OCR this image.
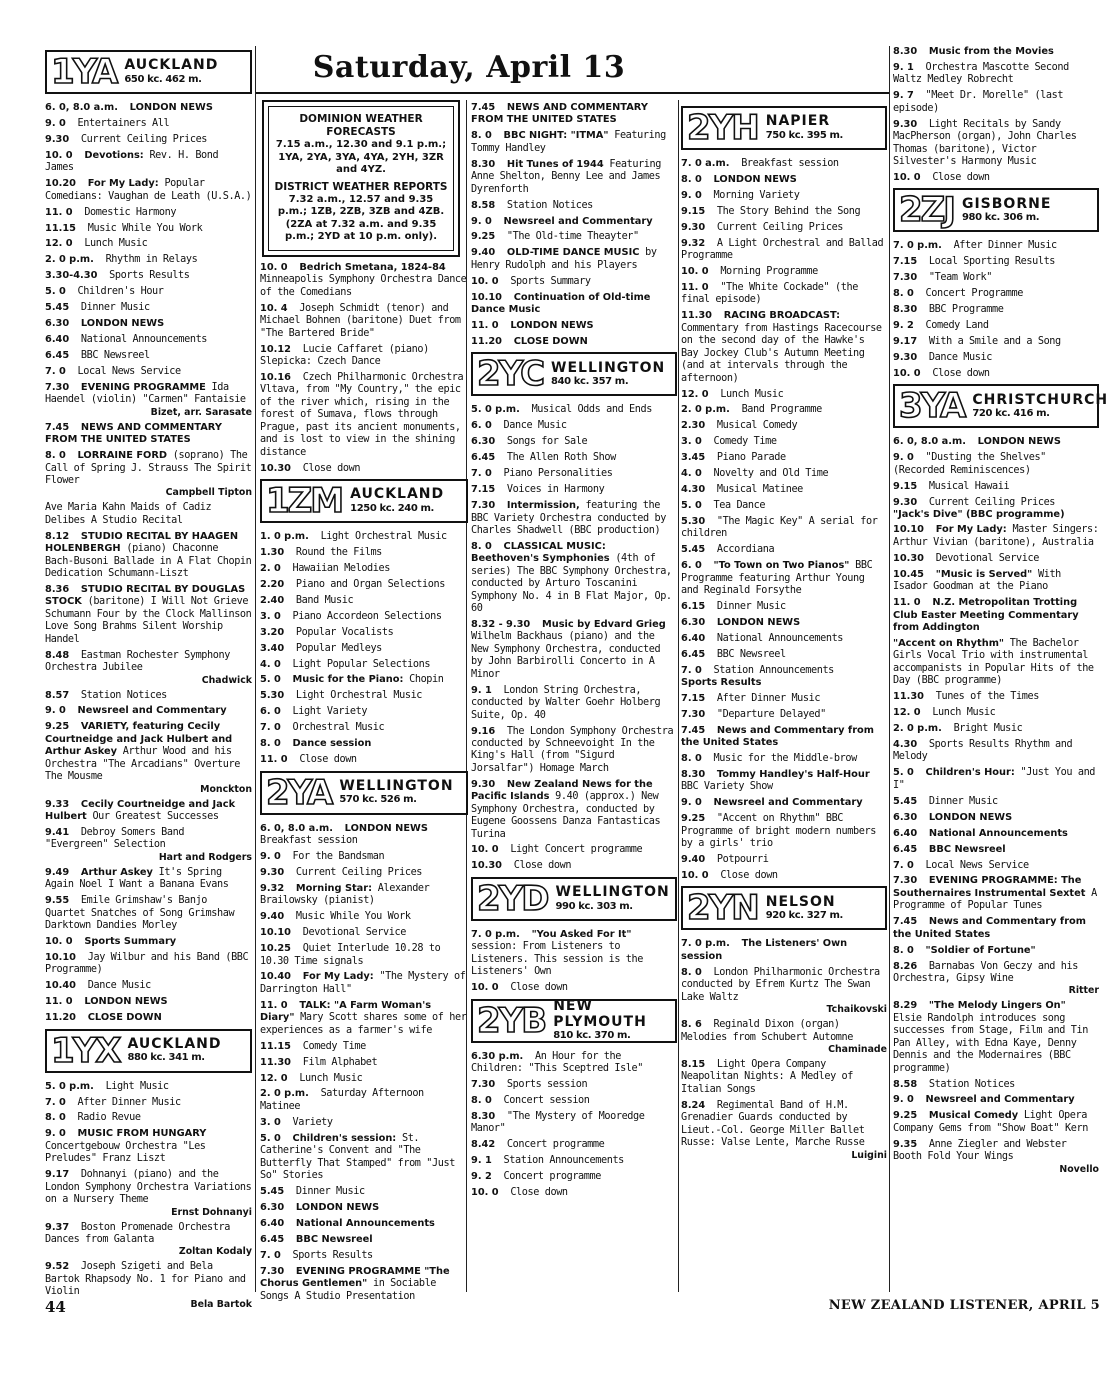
Saturday, April 13
DOMINION WEATHER FORECASTS
7.15 a.m., 12.30 and 9.1 p.m.; 1YA, 2YA, 3YA, 4YA, 2YH, 3ZR and 4YZ.
DISTRICT WEATHER REPORTS
7.32 a.m., 12.57 and 9.35 p.m.; 1ZB, 2ZB, 3ZB and 4ZB. (2ZA at 7.32 a.m. and 9.35 p.m.; 2YD at 10 p.m. only).
1YA AUCKLAND
650 kc. 462 m.
6. 0, 8.0 a.m. LONDON NEWS
9. 0 Entertainers All
9.30 Current Ceiling Prices
10. 0 Devotions: Rev. H. Bond James
10.20 For My Lady: Popular Comedians: Vaughan de Leath (U.S.A.)
11. 0 Domestic Harmony
11.15 Music While You Work
12. 0 Lunch Music
2. 0 p.m. Rhythm in Relays
3.30-4.30 Sports Results
5. 0 Children's Hour
5.45 Dinner Music
6.30 LONDON NEWS
6.40 National Announcements
6.45 BBC Newsreel
7. 0 Local News Service
7.30 EVENING PROGRAMME Ida Haendel (violin) "Carmen" Fantaisie
Bizet, arr. Sarasate
7.45 NEWS AND COMMENTARY FROM THE UNITED STATES
8. 0 LORRAINE FORD (soprano) The Call of Spring J. Strauss The Spirit Flower
Campbell Tipton
Ave Maria Kahn Maids of Cadiz Delibes A Studio Recital
8.12 STUDIO RECITAL BY HAAGEN HOLENBERGH (piano) Chaconne Bach-Busoni Ballade in A Flat Chopin Dedication Schumann-Liszt
8.36 STUDIO RECITAL BY DOUGLAS STOCK (baritone) I Will Not Grieve Schumann Four by the Clock Mallinson Love Song Brahms Silent Worship Handel
8.48 Eastman Rochester Symphony Orchestra Jubilee
Chadwick
8.57 Station Notices
9. 0 Newsreel and Commentary
9.25 VARIETY, featuring Cecily Courtneidge and Jack Hulbert and Arthur Askey Arthur Wood and his Orchestra "The Arcadians" Overture The Mousme
Monckton
9.33 Cecily Courtneidge and Jack Hulbert Our Greatest Successes
9.41 Debroy Somers Band "Evergreen" Selection
Hart and Rodgers
9.49 Arthur Askey It's Spring Again Noel I Want a Banana Evans
9.55 Emile Grimshaw's Banjo Quartet Snatches of Song Grimshaw Darktown Dandies Morley
10. 0 Sports Summary
10.10 Jay Wilbur and his Band (BBC Programme)
10.40 Dance Music
11. 0 LONDON NEWS
11.20 CLOSE DOWN
1YX AUCKLAND
880 kc. 341 m.
5. 0 p.m. Light Music
7. 0 After Dinner Music
8. 0 Radio Revue
9. 0 MUSIC FROM HUNGARY Concertgebouw Orchestra "Les Preludes" Franz Liszt
9.17 Dohnanyi (piano) and the London Symphony Orchestra Variations on a Nursery Theme
Ernst Dohnanyi
9.37 Boston Promenade Orchestra Dances from Galanta
Zoltan Kodaly
9.52 Joseph Szigeti and Bela Bartok Rhapsody No. 1 for Piano and Violin
Bela Bartok
10. 0 Bedrich Smetana, 1824-84 Minneapolis Symphony Orchestra Dance of the Comedians
10. 4 Joseph Schmidt (tenor) and Michael Bohnen (baritone) Duet from "The Bartered Bride"
10.12 Lucie Caffaret (piano) Slepicka: Czech Dance
10.16 Czech Philharmonic Orchestra Vltava, from "My Country," the epic of the river which, rising in the forest of Sumava, flows through Prague, past its ancient monuments, and is lost to view in the shining distance
10.30 Close down
1ZM AUCKLAND
1250 kc. 240 m.
1. 0 p.m. Light Orchestral Music
1.30 Round the Films
2. 0 Hawaiian Melodies
2.20 Piano and Organ Selections
2.40 Band Music
3. 0 Piano Accordeon Selections
3.20 Popular Vocalists
3.40 Popular Medleys
4. 0 Light Popular Selections
5. 0 Music for the Piano: Chopin
5.30 Light Orchestral Music
6. 0 Light Variety
7. 0 Orchestral Music
8. 0 Dance session
11. 0 Close down
2YA WELLINGTON
570 kc. 526 m.
6. 0, 8.0 a.m. LONDON NEWS Breakfast session
9. 0 For the Bandsman
9.30 Current Ceiling Prices
9.32 Morning Star: Alexander Brailowsky (pianist)
9.40 Music While You Work
10.10 Devotional Service
10.25 Quiet Interlude 10.28 to 10.30 Time signals
10.40 For My Lady: "The Mystery of Darrington Hall"
11. 0 TALK: "A Farm Woman's Diary" Mary Scott shares some of her experiences as a farmer's wife
11.15 Comedy Time
11.30 Film Alphabet
12. 0 Lunch Music
2. 0 p.m. Saturday Afternoon Matinee
3. 0 Variety
5. 0 Children's session: St. Catherine's Convent and "The Butterfly That Stamped" from "Just So" Stories
5.45 Dinner Music
6.30 LONDON NEWS
6.40 National Announcements
6.45 BBC Newsreel
7. 0 Sports Results
7.30 EVENING PROGRAMME "The Chorus Gentlemen" in Sociable Songs A Studio Presentation
7.45 NEWS AND COMMENTARY FROM THE UNITED STATES
8. 0 BBC NIGHT: "ITMA" Featuring Tommy Handley
8.30 Hit Tunes of 1944 Featuring Anne Shelton, Benny Lee and James Dyrenforth
8.58 Station Notices
9. 0 Newsreel and Commentary
9.25 "The Old-time Theayter"
9.40 OLD-TIME DANCE MUSIC by Henry Rudolph and his Players
10. 0 Sports Summary
10.10 Continuation of Old-time Dance Music
11. 0 LONDON NEWS
11.20 CLOSE DOWN
2YC WELLINGTON
840 kc. 357 m.
5. 0 p.m. Musical Odds and Ends
6. 0 Dance Music
6.30 Songs for Sale
6.45 The Allen Roth Show
7. 0 Piano Personalities
7.15 Voices in Harmony
7.30 Intermission, featuring the BBC Variety Orchestra conducted by Charles Shadwell (BBC production)
8. 0 CLASSICAL MUSIC: Beethoven's Symphonies (4th of series) The BBC Symphony Orchestra, conducted by Arturo Toscanini Symphony No. 4 in B Flat Major, Op. 60
8.32 - 9.30 Music by Edvard Grieg Wilhelm Backhaus (piano) and the New Symphony Orchestra, conducted by John Barbirolli Concerto in A Minor
9. 1 London String Orchestra, conducted by Walter Goehr Holberg Suite, Op. 40
9.16 The London Symphony Orchestra conducted by Schneevoight In the King's Hall (from "Sigurd Jorsalfar") Homage March
9.30 New Zealand News for the Pacific Islands 9.40 (approx.) New Symphony Orchestra, conducted by Eugene Goossens Danza Fantasticas Turina
10. 0 Light Concert programme
10.30 Close down
2YD WELLINGTON
990 kc. 303 m.
7. 0 p.m. "You Asked For It" session: From Listeners to Listeners. This session is the Listeners' Own
10. 0 Close down
2YB NEW PLYMOUTH
810 kc. 370 m.
6.30 p.m. An Hour for the Children: "This Sceptred Isle"
7.30 Sports session
8. 0 Concert session
8.30 "The Mystery of Mooredge Manor"
8.42 Concert programme
9. 1 Station Announcements
9. 2 Concert programme
10. 0 Close down
2YH NAPIER
750 kc. 395 m.
7. 0 a.m. Breakfast session
8. 0 LONDON NEWS
9. 0 Morning Variety
9.15 The Story Behind the Song
9.30 Current Ceiling Prices
9.32 A Light Orchestral and Ballad Programme
10. 0 Morning Programme
11. 0 "The White Cockade" (the final episode)
11.30 RACING BROADCAST: Commentary from Hastings Racecourse on the second day of the Hawke's Bay Jockey Club's Autumn Meeting (and at intervals through the afternoon)
12. 0 Lunch Music
2. 0 p.m. Band Programme
2.30 Musical Comedy
3. 0 Comedy Time
3.45 Piano Parade
4. 0 Novelty and Old Time
4.30 Musical Matinee
5. 0 Tea Dance
5.30 "The Magic Key" A serial for children
5.45 Accordiana
6. 0 "To Town on Two Pianos" BBC Programme featuring Arthur Young and Reginald Forsythe
6.15 Dinner Music
6.30 LONDON NEWS
6.40 National Announcements
6.45 BBC Newsreel
7. 0 Station Announcements
Sports Results
7.15 After Dinner Music
7.30 "Departure Delayed"
7.45 News and Commentary from the United States
8. 0 Music for the Middle-brow
8.30 Tommy Handley's Half-Hour BBC Variety Show
9. 0 Newsreel and Commentary
9.25 "Accent on Rhythm" BBC Programme of bright modern numbers by a girls' trio
9.40 Potpourri
10. 0 Close down
2YN NELSON
920 kc. 327 m.
7. 0 p.m. The Listeners' Own session
8. 0 London Philharmonic Orchestra conducted by Efrem Kurtz The Swan Lake Waltz
Tchaikovski
8. 6 Reginald Dixon (organ) Melodies from Schubert Automne
Chaminade
8.15 Light Opera Company Neapolitan Nights: A Medley of Italian Songs
8.24 Regimental Band of H.M. Grenadier Guards conducted by Lieut.-Col. George Miller Ballet Russe: Valse Lente, Marche Russe
Luigini
8.30 Music from the Movies
9. 1 Orchestra Mascotte Second Waltz Medley Robrecht
9. 7 "Meet Dr. Morelle" (last episode)
9.30 Light Recitals by Sandy MacPherson (organ), John Charles Thomas (baritone), Victor Silvester's Harmony Music
10. 0 Close down
2ZJ GISBORNE
980 kc. 306 m.
7. 0 p.m. After Dinner Music
7.15 Local Sporting Results
7.30 "Team Work"
8. 0 Concert Programme
8.30 BBC Programme
9. 2 Comedy Land
9.17 With a Smile and a Song
9.30 Dance Music
10. 0 Close down
3YA CHRISTCHURCH
720 kc. 416 m.
6. 0, 8.0 a.m. LONDON NEWS
9. 0 "Dusting the Shelves" (Recorded Reminiscences)
9.15 Musical Hawaii
9.30 Current Ceiling Prices
"Jack's Dive" (BBC programme)
10.10 For My Lady: Master Singers: Arthur Vivian (baritone), Australia
10.30 Devotional Service
10.45 "Music is Served" With Isador Goodman at the Piano
11. 0 N.Z. Metropolitan Trotting Club Easter Meeting Commentary from Addington
"Accent on Rhythm" The Bachelor Girls Vocal Trio with instrumental accompanists in Popular Hits of the Day (BBC programme)
11.30 Tunes of the Times
12. 0 Lunch Music
2. 0 p.m. Bright Music
4.30 Sports Results Rhythm and Melody
5. 0 Children's Hour: "Just You and I"
5.45 Dinner Music
6.30 LONDON NEWS
6.40 National Announcements
6.45 BBC Newsreel
7. 0 Local News Service
7.30 EVENING PROGRAMME: The Southernaires Instrumental Sextet A Programme of Popular Tunes
7.45 News and Commentary from the United States
8. 0 "Soldier of Fortune"
8.26 Barnabas Von Geczy and his Orchestra, Gipsy Wine
Ritter
8.29 "The Melody Lingers On" Elsie Randolph introduces song successes from Stage, Film and Tin Pan Alley, with Edna Kaye, Denny Dennis and the Modernaires (BBC programme)
8.58 Station Notices
9. 0 Newsreel and Commentary
9.25 Musical Comedy Light Opera Company Gems from "Show Boat" Kern
9.35 Anne Ziegler and Webster Booth Fold Your Wings
Novello
44	NEW ZEALAND LISTENER, APRIL 5
